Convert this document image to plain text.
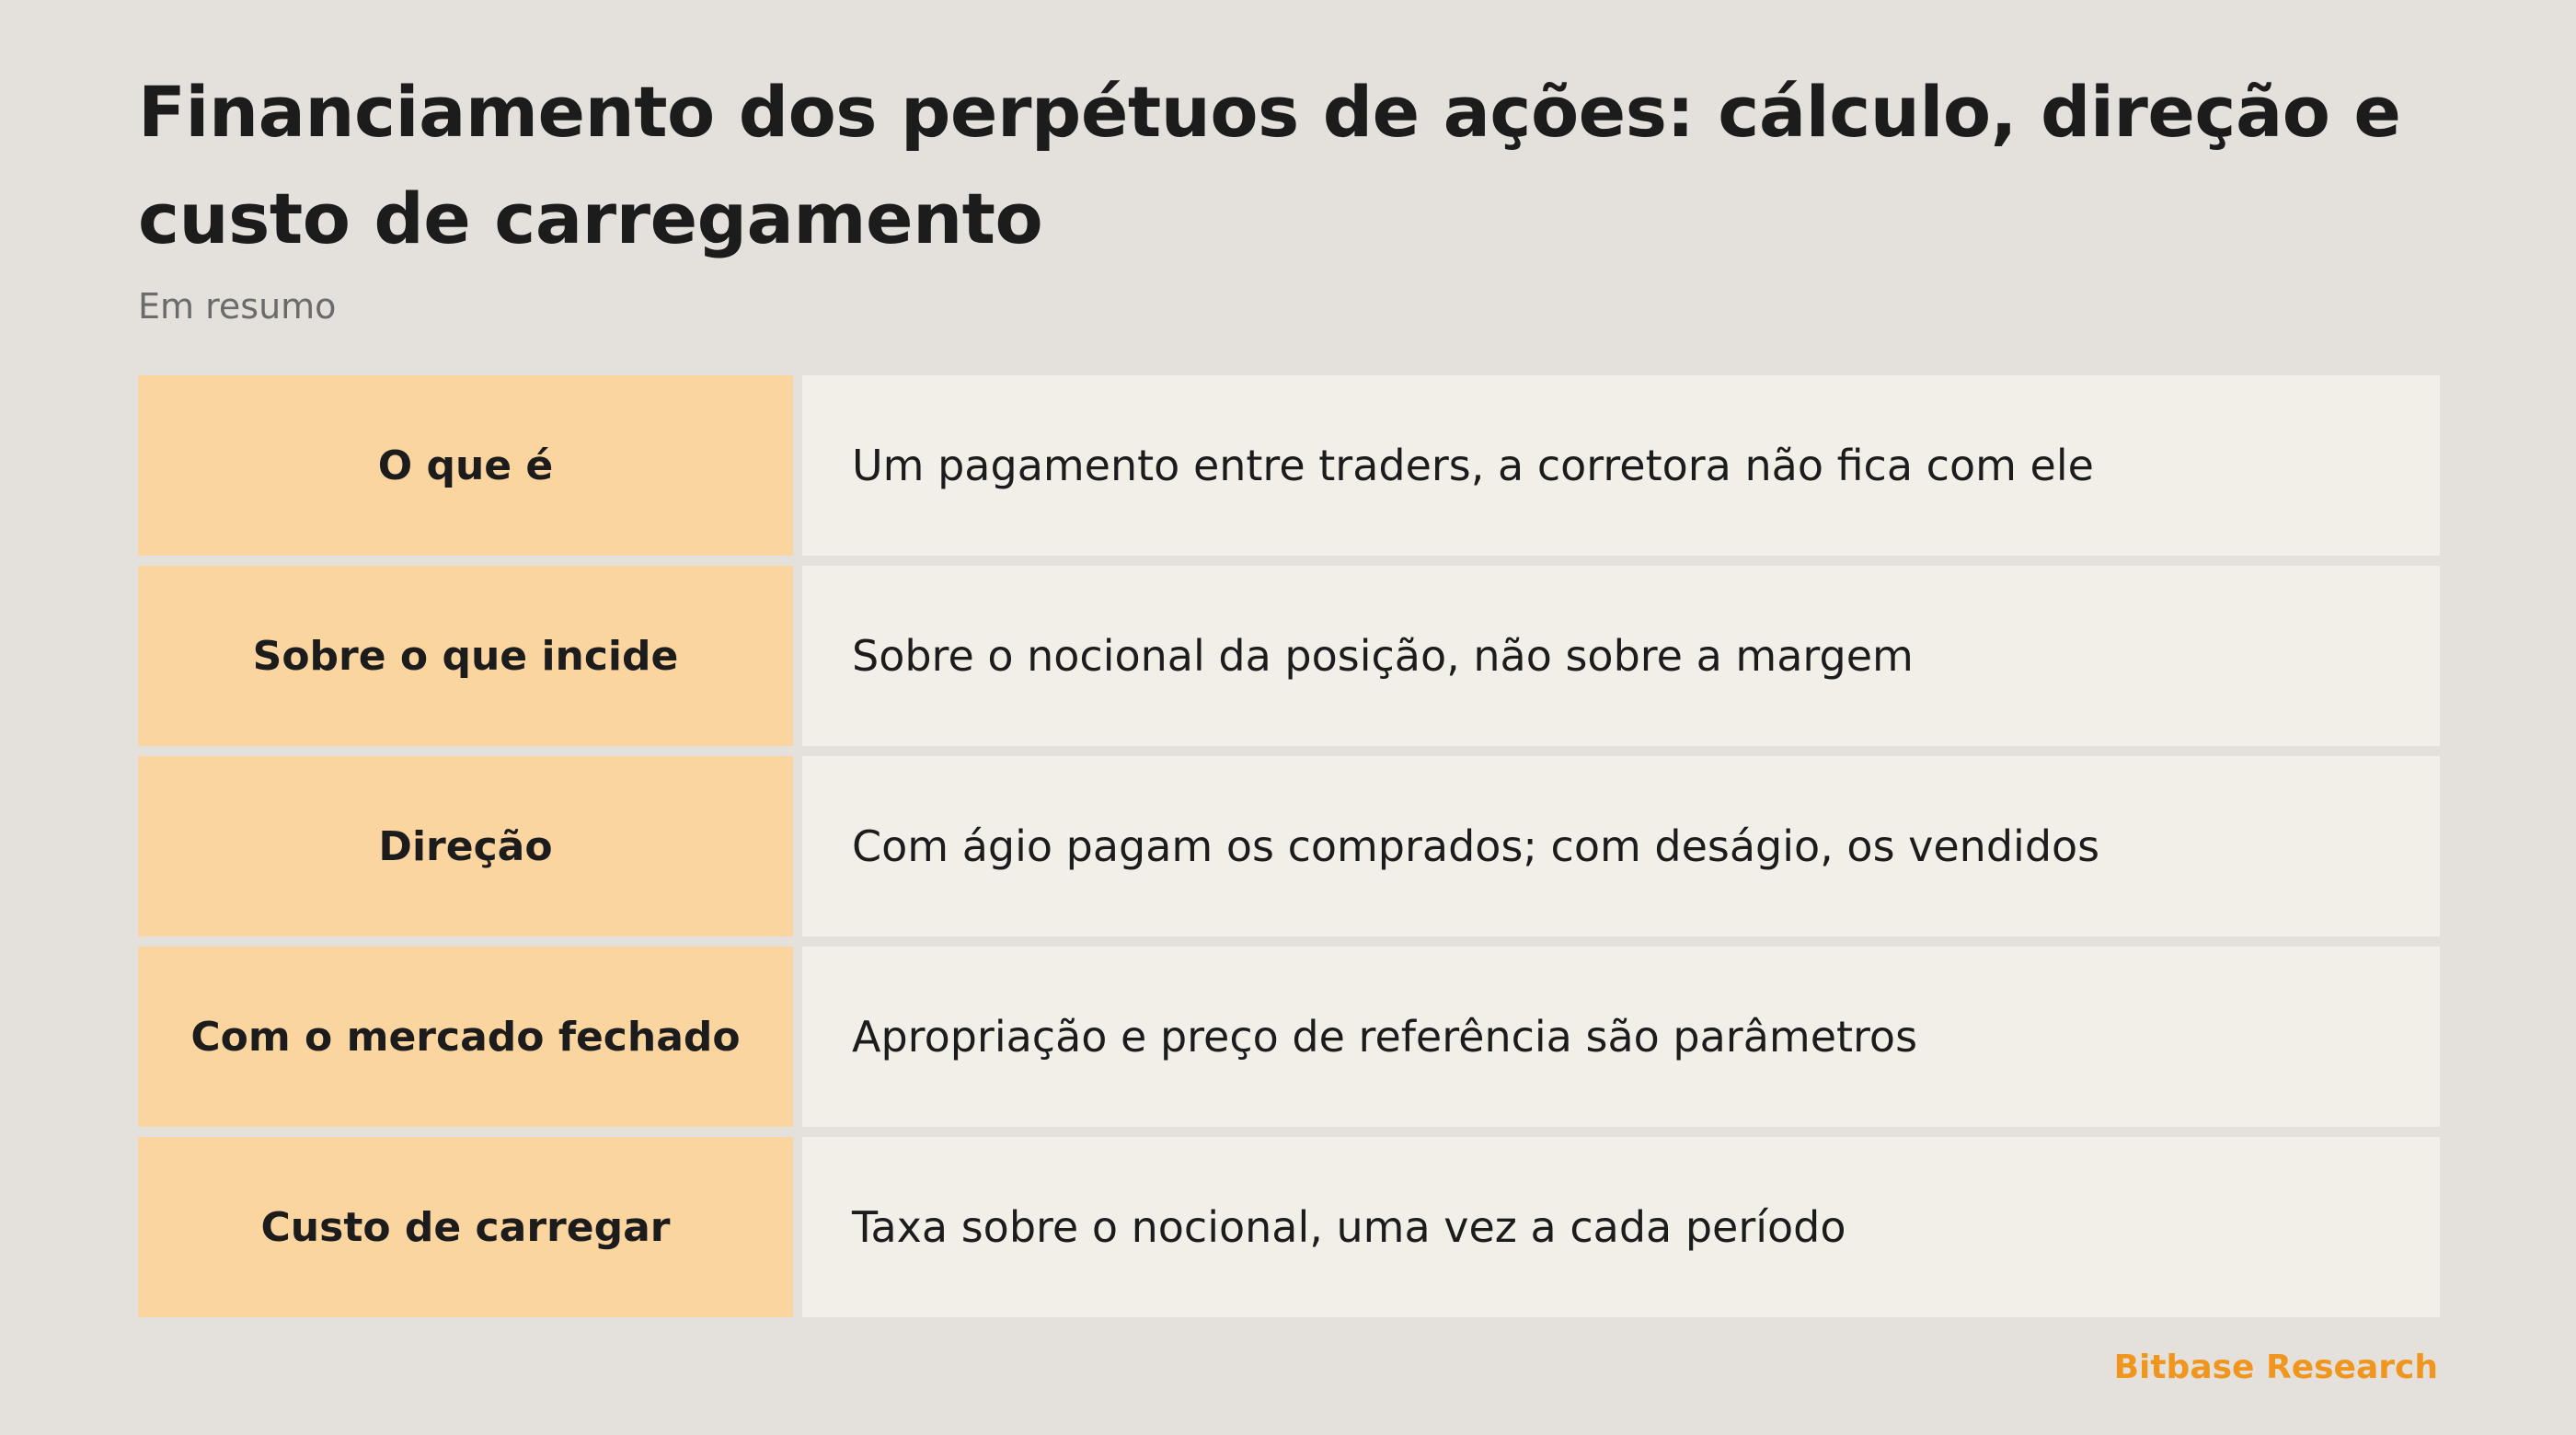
Financiamento dos perpétuos de ações: cálculo, direção e custo de carregamento

Em resumo

O que é	Um pagamento entre traders, a corretora não fica com ele
Sobre o que incide	Sobre o nocional da posição, não sobre a margem
Direção	Com ágio pagam os comprados; com deságio, os vendidos
Com o mercado fechado	Apropriação e preço de referência são parâmetros
Custo de carregar	Taxa sobre o nocional, uma vez a cada período
Bitbase Research
